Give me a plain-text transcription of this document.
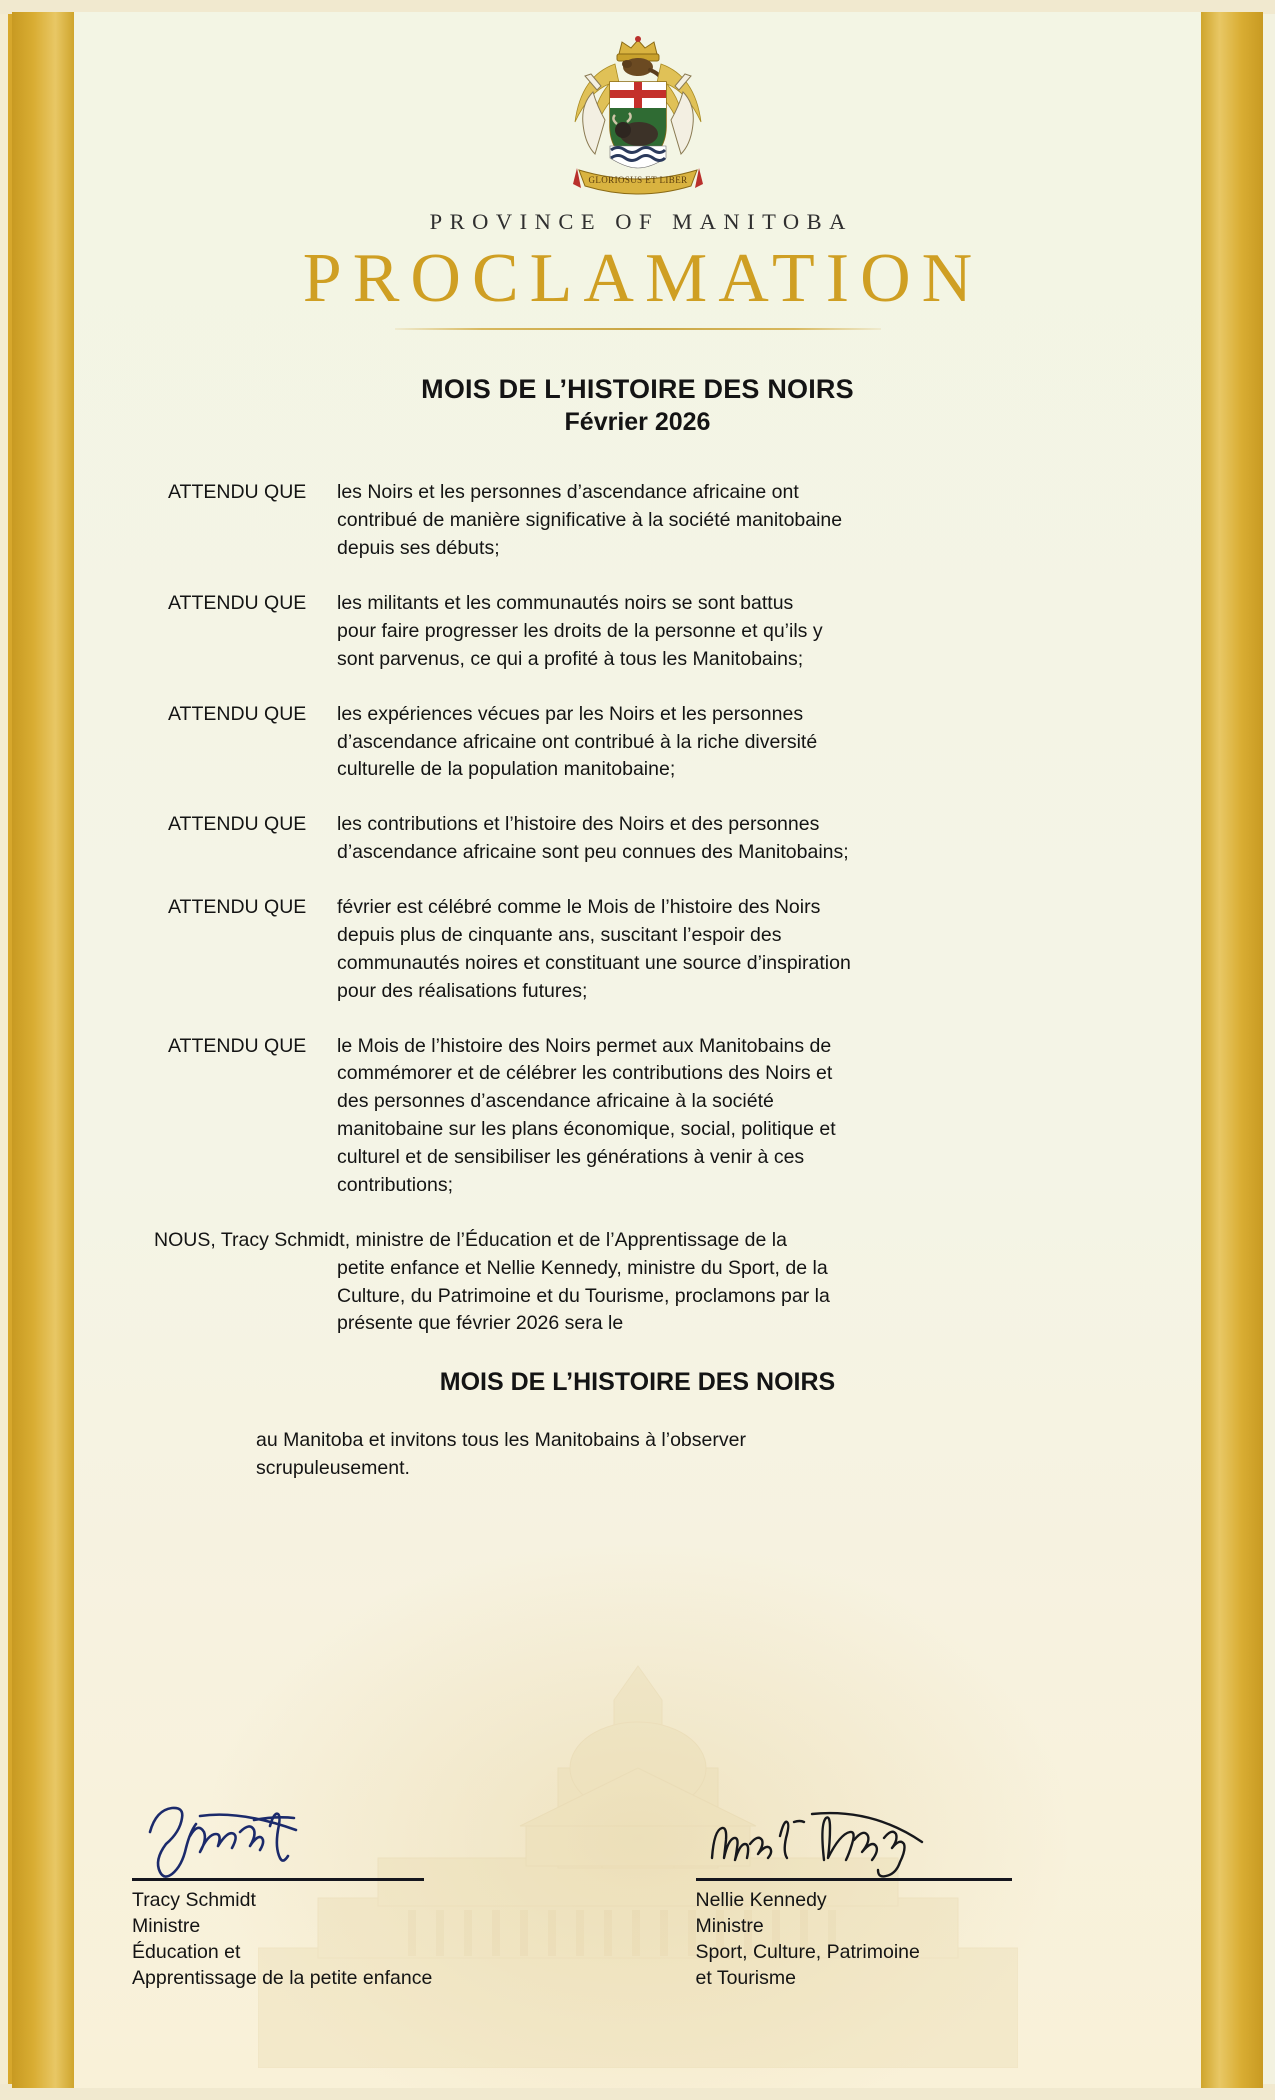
GLORIOSUS ET LIBER
PROVINCE OF MANITOBA
PROCLAMATION
MOIS DE L’HISTOIRE DES NOIRS
Février 2026
ATTENDU QUE	les Noirs et les personnes d’ascendance africaine ont
contribué de manière significative à la société manitobaine
depuis ses débuts;
ATTENDU QUE	les militants et les communautés noirs se sont battus
pour faire progresser les droits de la personne et qu’ils y
sont parvenus, ce qui a profité à tous les Manitobains;
ATTENDU QUE	les expériences vécues par les Noirs et les personnes
d’ascendance africaine ont contribué à la riche diversité
culturelle de la population manitobaine;
ATTENDU QUE	les contributions et l’histoire des Noirs et des personnes
d’ascendance africaine sont peu connues des Manitobains;
ATTENDU QUE	février est célébré comme le Mois de l’histoire des Noirs
depuis plus de cinquante ans, suscitant l’espoir des
communautés noires et constituant une source d’inspiration
pour des réalisations futures;
ATTENDU QUE	le Mois de l’histoire des Noirs permet aux Manitobains de
commémorer et de célébrer les contributions des Noirs et
des personnes d’ascendance africaine à la société
manitobaine sur les plans économique, social, politique et
culturel et de sensibiliser les générations à venir à ces
contributions;
NOUS, Tracy Schmidt, ministre de l’Éducation et de l’Apprentissage de la
petite enfance et Nellie Kennedy, ministre du Sport, de la
Culture, du Patrimoine et du Tourisme, proclamons par la
présente que février 2026 sera le
MOIS DE L’HISTOIRE DES NOIRS
au Manitoba et invitons tous les Manitobains à l’observer
scrupuleusement.
Tracy Schmidt
Ministre
Éducation et
Apprentissage de la petite enfance
Nellie Kennedy
Ministre
Sport, Culture, Patrimoine
et Tourisme
